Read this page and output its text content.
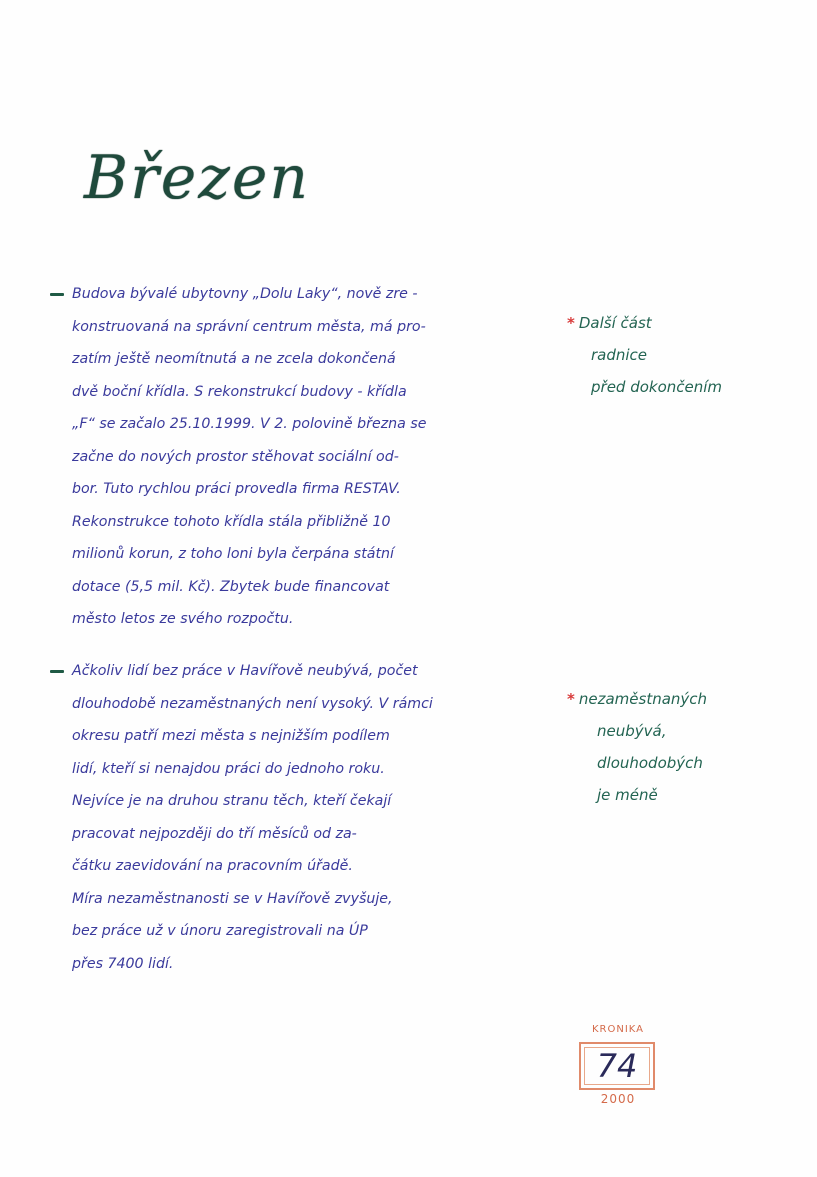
Březen
Budova bývalé ubytovny „Dolu Laky“, nově zre -
konstruovaná na správní centrum města, má pro-
zatím ještě neomítnutá a ne zcela dokončená
dvě boční křídla. S rekonstrukcí budovy - křídla
„F“ se začalo 25.10.1999. V 2. polovině března se
začne do nových prostor stěhovat sociální od-
bor. Tuto rychlou práci provedla firma RESTAV.
Rekonstrukce tohoto křídla stála přibližně 10
milionů korun, z toho loni byla čerpána státní
dotace (5,5 mil. Kč). Zbytek bude financovat
město letos ze svého rozpočtu.
Ačkoliv lidí bez práce v Havířově neubývá, počet
dlouhodobě nezaměstnaných není vysoký. V rámci
okresu patří mezi města s nejnižším podílem
lidí, kteří si nenajdou práci do jednoho roku.
Nejvíce je na druhou stranu těch, kteří čekají
pracovat nejpozději do tří měsíců od za-
čátku zaevidování na pracovním úřadě.
Míra nezaměstnanosti se v Havířově zvyšuje,
bez práce už v únoru zaregistrovali na ÚP
přes 7400 lidí.
* Další část
radnice
před dokončením
* nezaměstnaných
neubývá,
dlouhodobých
je méně
KRONIKA
74
2000
